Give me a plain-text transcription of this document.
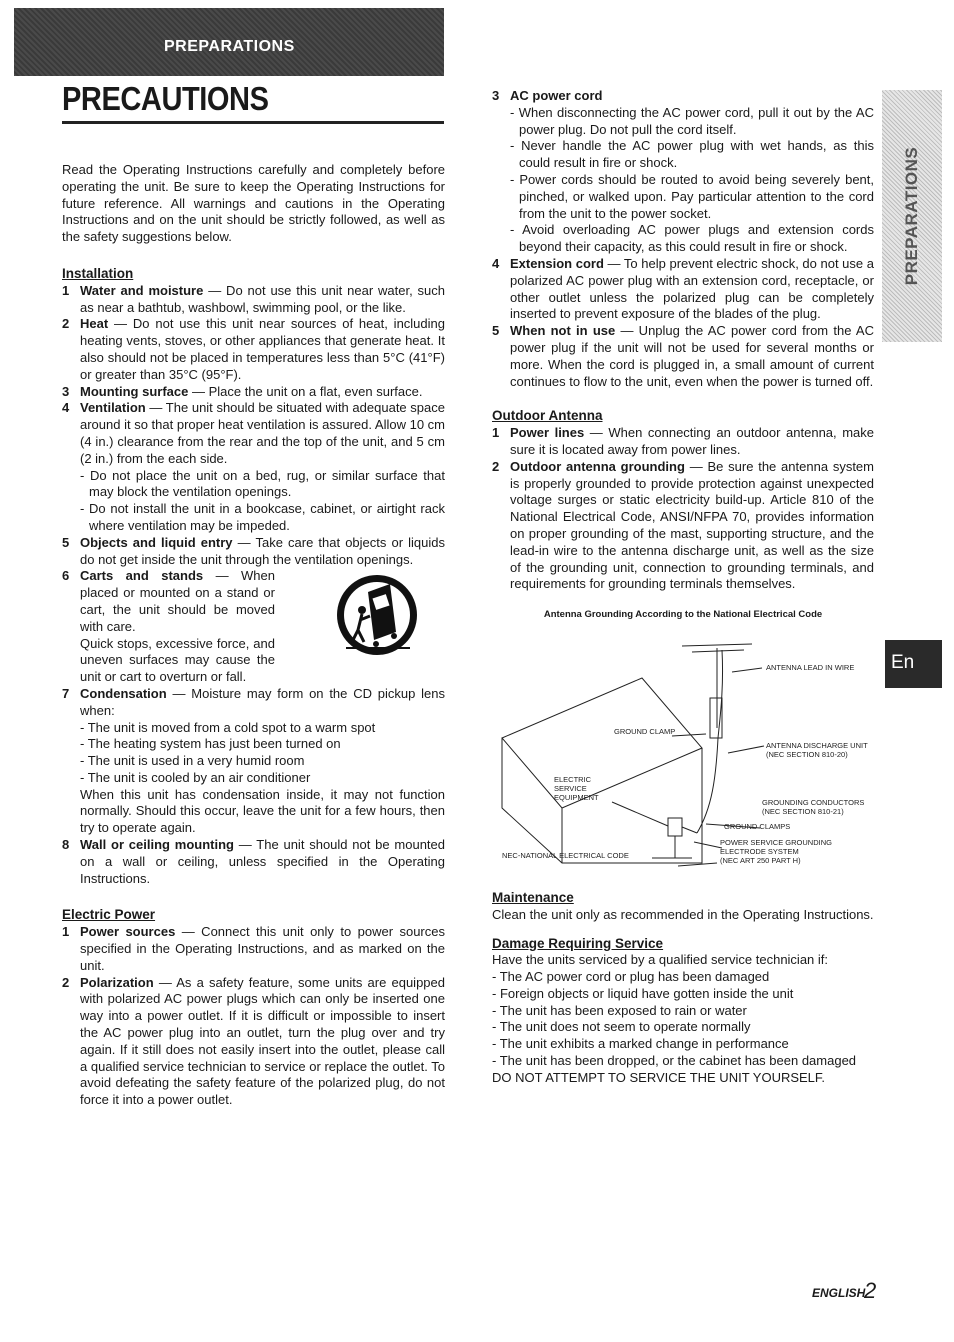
PREPARATIONS
PRECAUTIONS

Read the Operating Instructions carefully and completely before operating the unit. Be sure to keep the Operating Instructions for future reference. All warnings and cautions in the Operating Instructions and on the unit should be strictly followed, as well as the safety suggestions below.

Installation
1 Water and moisture — Do not use this unit near water, such as near a bathtub, washbowl, swimming pool, or the like.
2 Heat — Do not use this unit near sources of heat, including heating vents, stoves, or other appliances that generate heat. It also should not be placed in temperatures less than 5°C (41°F) or greater than 35°C (95°F).
3 Mounting surface — Place the unit on a flat, even surface.
4 Ventilation — The unit should be situated with adequate space around it so that proper heat ventilation is assured. Allow 10 cm (4 in.) clearance from the rear and the top of the unit, and 5 cm (2 in.) from the each side.
- Do not place the unit on a bed, rug, or similar surface that may block the ventilation openings.
- Do not install the unit in a bookcase, cabinet, or airtight rack where ventilation may be impeded.
5 Objects and liquid entry — Take care that objects or liquids do not get inside the unit through the ventilation openings.
6 Carts and stands — When placed or mounted on a stand or cart, the unit should be moved with care.

Quick stops, excessive force, and uneven surfaces may cause the unit or cart to overturn or fall.

7 Condensation — Moisture may form on the CD pickup lens when:
- The unit is moved from a cold spot to a warm spot
- The heating system has just been turned on
- The unit is used in a very humid room
- The unit is cooled by an air conditioner

When this unit has condensation inside, it may not function normally. Should this occur, leave the unit for a few hours, then try to operate again.

8 Wall or ceiling mounting — The unit should not be mounted on a wall or ceiling, unless specified in the Operating Instructions.
Electric Power
1 Power sources — Connect this unit only to power sources specified in the Operating Instructions, and as marked on the unit.
2 Polarization — As a safety feature, some units are equipped with polarized AC power plugs which can only be inserted one way into a power outlet. If it is difficult or impossible to insert the AC power plug into an outlet, turn the plug over and try again. If it still does not easily insert into the outlet, please call a qualified service technician to service or replace the outlet. To avoid defeating the safety feature of the polarized plug, do not force it into a power outlet.
3 AC power cord
- When disconnecting the AC power cord, pull it out by the AC power plug. Do not pull the cord itself.
- Never handle the AC power plug with wet hands, as this could result in fire or shock.
- Power cords should be routed to avoid being severely bent, pinched, or walked upon. Pay particular attention to the cord from the unit to the power socket.
- Avoid overloading AC power plugs and extension cords beyond their capacity, as this could result in fire or shock.
4 Extension cord — To help prevent electric shock, do not use a polarized AC power plug with an extension cord, receptacle, or other outlet unless the polarized plug can be completely inserted to prevent exposure of the blades of the plug.
5 When not in use — Unplug the AC power cord from the AC power plug if the unit will not be used for several months or more. When the cord is plugged in, a small amount of current continues to flow to the unit, even when the power is turned off.
Outdoor Antenna
1 Power lines — When connecting an outdoor antenna, make sure it is located away from power lines.
2 Outdoor antenna grounding — Be sure the antenna system is properly grounded to provide protection against unexpected voltage surges or static electricity build-up. Article 810 of the National Electrical Code, ANSI/NFPA 70, provides information on proper grounding of the mast, supporting structure, and the lead-in wire to the antenna discharge unit, as well as the size of the grounding unit, connection to grounding terminals, and requirements for grounding terminals themselves.
Antenna Grounding According to the National Electrical Code
ANTENNA LEAD IN WIRE
GROUND CLAMP
ANTENNA DISCHARGE UNIT
(NEC SECTION 810-20)
ELECTRIC
SERVICE
EQUIPMENT
GROUNDING CONDUCTORS
(NEC SECTION 810-21)
GROUND CLAMPS
POWER SERVICE GROUNDING
ELECTRODE SYSTEM
(NEC ART 250 PART H)
NEC-NATIONAL ELECTRICAL CODE
Maintenance

Clean the unit only as recommended in the Operating Instructions.

Damage Requiring Service

Have the units serviced by a qualified service technician if:

- The AC power cord or plug has been damaged
- Foreign objects or liquid have gotten inside the unit
- The unit has been exposed to rain or water
- The unit does not seem to operate normally
- The unit exhibits a marked change in performance
- The unit has been dropped, or the cabinet has been damaged

DO NOT ATTEMPT TO SERVICE THE UNIT YOURSELF.

PREPARATIONS
En
ENGLISH
2
